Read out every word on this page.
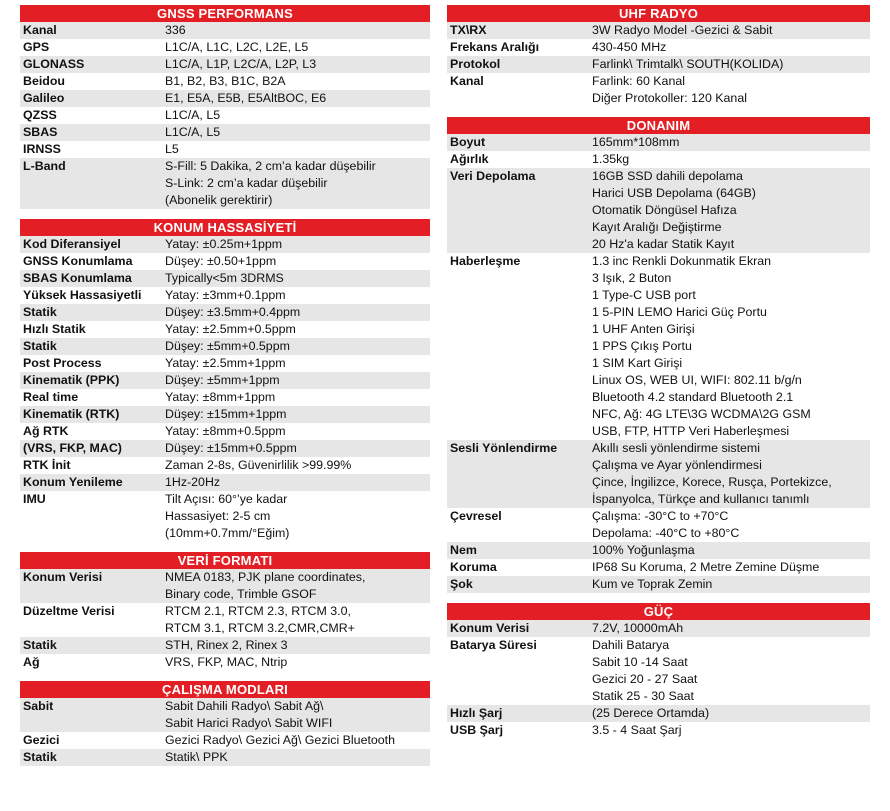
GNSS PERFORMANS
Kanal	336
GPS	L1C/A, L1C, L2C, L2E, L5
GLONASS	L1C/A, L1P, L2C/A, L2P, L3
Beidou	B1, B2, B3, B1C, B2A
Galileo	E1, E5A, E5B, E5AltBOC, E6
QZSS	L1C/A, L5
SBAS	L1C/A, L5
IRNSS	L5
L-Band	S-Fill: 5 Dakika, 2 cm’a kadar düşebilir
S-Link: 2 cm’a kadar düşebilir
(Abonelik gerektirir)
KONUM HASSASİYETİ
Kod Diferansiyel	Yatay: ±0.25m+1ppm
GNSS Konumlama	Düşey: ±0.50+1ppm
SBAS Konumlama	Typically<5m 3DRMS
Yüksek Hassasiyetli	Yatay: ±3mm+0.1ppm
Statik	Düşey: ±3.5mm+0.4ppm
Hızlı Statik	Yatay: ±2.5mm+0.5ppm
Statik	Düşey: ±5mm+0.5ppm
Post Process	Yatay: ±2.5mm+1ppm
Kinematik (PPK)	Düşey: ±5mm+1ppm
Real time	Yatay: ±8mm+1ppm
Kinematik (RTK)	Düşey: ±15mm+1ppm
Ağ RTK	Yatay: ±8mm+0.5ppm
(VRS, FKP, MAC)	Düşey: ±15mm+0.5ppm
RTK İnit	Zaman 2-8s, Güvenirlilik >99.99%
Konum Yenileme	1Hz-20Hz
IMU	Tilt Açısı: 60°’ye kadar
Hassasiyet: 2-5 cm
(10mm+0.7mm/°Eğim)
VERİ FORMATI
Konum Verisi	NMEA 0183, PJK plane coordinates,
Binary code, Trimble GSOF
Düzeltme Verisi	RTCM 2.1, RTCM 2.3, RTCM 3.0,
RTCM 3.1, RTCM 3.2,CMR,CMR+
Statik	STH, Rinex 2, Rinex 3
Ağ	VRS, FKP, MAC, Ntrip
ÇALIŞMA MODLARI
Sabit	Sabit Dahili Radyo\ Sabit Ağ\
Sabit Harici Radyo\ Sabit WIFI
Gezici	Gezici Radyo\ Gezici Ağ\ Gezici Bluetooth
Statik	Statik\ PPK
UHF RADYO
TX\RX	3W Radyo Model -Gezici & Sabit
Frekans Aralığı	430-450 MHz
Protokol	Farlink\ Trimtalk\ SOUTH(KOLIDA)
Kanal	Farlink: 60 Kanal
Diğer Protokoller: 120 Kanal
DONANIM
Boyut	165mm*108mm
Ağırlık	1.35kg
Veri Depolama	16GB SSD dahili depolama
Harici USB Depolama (64GB)
Otomatik Döngüsel Hafıza
Kayıt Aralığı Değiştirme
20 Hz'a kadar Statik Kayıt
Haberleşme	1.3 inc Renkli Dokunmatik Ekran
3 Işık, 2 Buton
1 Type-C USB port
1 5-PIN LEMO Harici Güç Portu
1 UHF Anten Girişi
1 PPS Çıkış Portu
1 SIM Kart Girişi
Linux OS, WEB UI, WIFI: 802.11 b/g/n
Bluetooth 4.2 standard Bluetooth 2.1
NFC, Ağ: 4G LTE\3G WCDMA\2G GSM
USB, FTP, HTTP Veri Haberleşmesi
Sesli Yönlendirme	Akıllı sesli yönlendirme sistemi
Çalışma ve Ayar yönlendirmesi
Çince, İngilizce, Korece, Rusça, Portekizce,
İspanyolca, Türkçe and kullanıcı tanımlı
Çevresel	Çalışma: -30°C to +70°C
Depolama: -40°C to +80°C
Nem	100% Yoğunlaşma
Koruma	IP68 Su Koruma, 2 Metre Zemine Düşme
Şok	Kum ve Toprak Zemin
GÜÇ
Konum Verisi	7.2V, 10000mAh
Batarya Süresi	Dahili Batarya
Sabit 10 -14 Saat
Gezici 20 - 27 Saat
Statik 25 - 30 Saat
Hızlı Şarj	(25 Derece Ortamda)
USB Şarj	3.5 - 4 Saat Şarj
